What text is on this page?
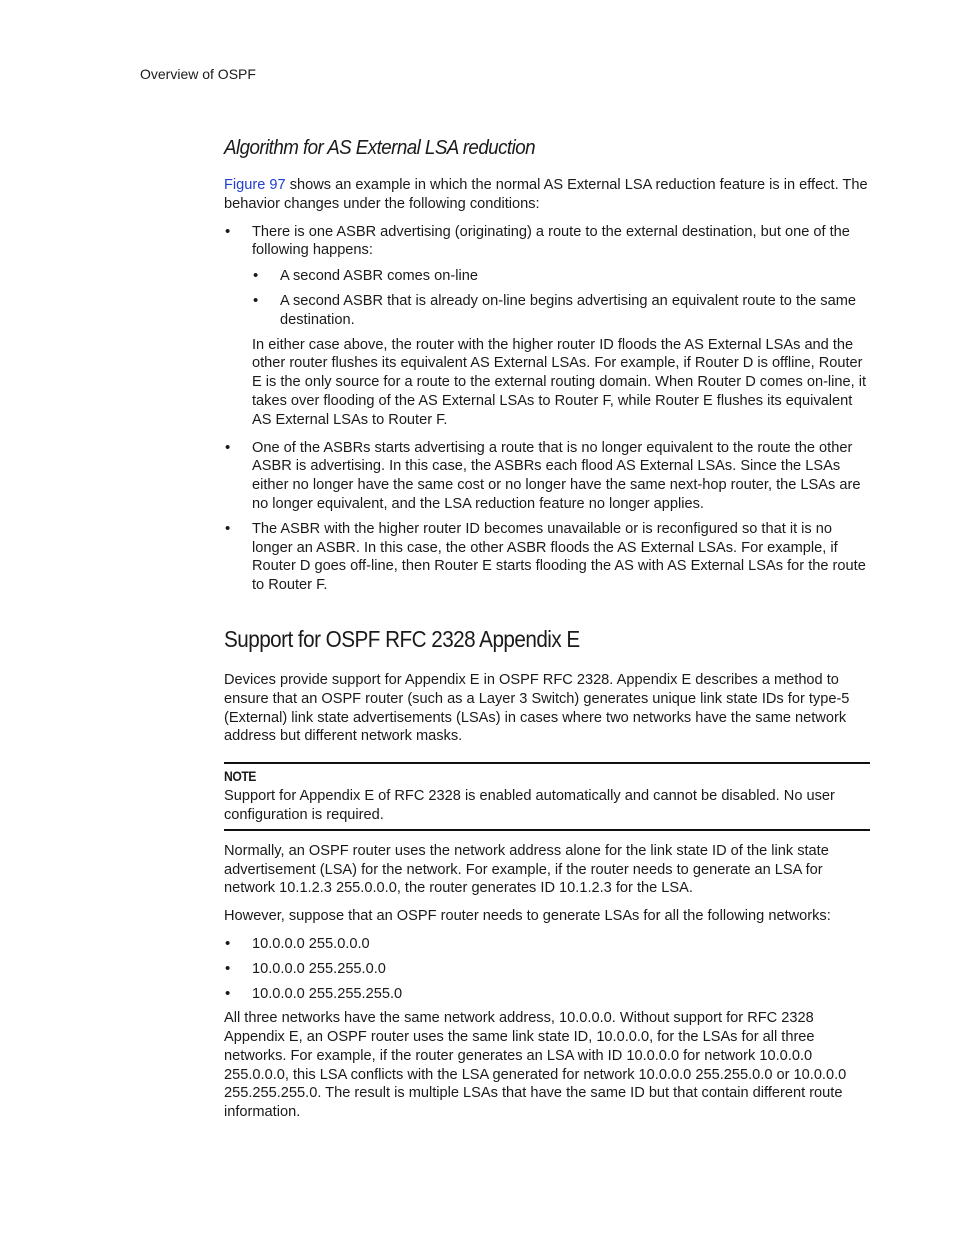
Overview of OSPF
Algorithm for AS External LSA reduction

Figure 97 shows an example in which the normal AS External LSA reduction feature is in effect. The behavior changes under the following conditions:

• There is one ASBR advertising (originating) a route to the external destination, but one of the following happens:
• A second ASBR comes on-line
• A second ASBR that is already on-line begins advertising an equivalent route to the same destination.
In either case above, the router with the higher router ID floods the AS External LSAs and the other router flushes its equivalent AS External LSAs. For example, if Router D is offline, Router E is the only source for a route to the external routing domain. When Router D comes on-line, it takes over flooding of the AS External LSAs to Router F, while Router E flushes its equivalent AS External LSAs to Router F.
• One of the ASBRs starts advertising a route that is no longer equivalent to the route the other ASBR is advertising. In this case, the ASBRs each flood AS External LSAs. Since the LSAs either no longer have the same cost or no longer have the same next-hop router, the LSAs are no longer equivalent, and the LSA reduction feature no longer applies.
• The ASBR with the higher router ID becomes unavailable or is reconfigured so that it is no longer an ASBR. In this case, the other ASBR floods the AS External LSAs. For example, if Router D goes off-line, then Router E starts flooding the AS with AS External LSAs for the route to Router F.
Support for OSPF RFC 2328 Appendix E

Devices provide support for Appendix E in OSPF RFC 2328. Appendix E describes a method to ensure that an OSPF router (such as a Layer 3 Switch) generates unique link state IDs for type-5 (External) link state advertisements (LSAs) in cases where two networks have the same network address but different network masks.

NOTE
Support for Appendix E of RFC 2328 is enabled automatically and cannot be disabled. No user configuration is required.

Normally, an OSPF router uses the network address alone for the link state ID of the link state advertisement (LSA) for the network. For example, if the router needs to generate an LSA for network 10.1.2.3 255.0.0.0, the router generates ID 10.1.2.3 for the LSA.

However, suppose that an OSPF router needs to generate LSAs for all the following networks:

• 10.0.0.0 255.0.0.0
• 10.0.0.0 255.255.0.0
• 10.0.0.0 255.255.255.0

All three networks have the same network address, 10.0.0.0. Without support for RFC 2328 Appendix E, an OSPF router uses the same link state ID, 10.0.0.0, for the LSAs for all three networks. For example, if the router generates an LSA with ID 10.0.0.0 for network 10.0.0.0 255.0.0.0, this LSA conflicts with the LSA generated for network 10.0.0.0 255.255.0.0 or 10.0.0.0 255.255.255.0. The result is multiple LSAs that have the same ID but that contain different route information.
